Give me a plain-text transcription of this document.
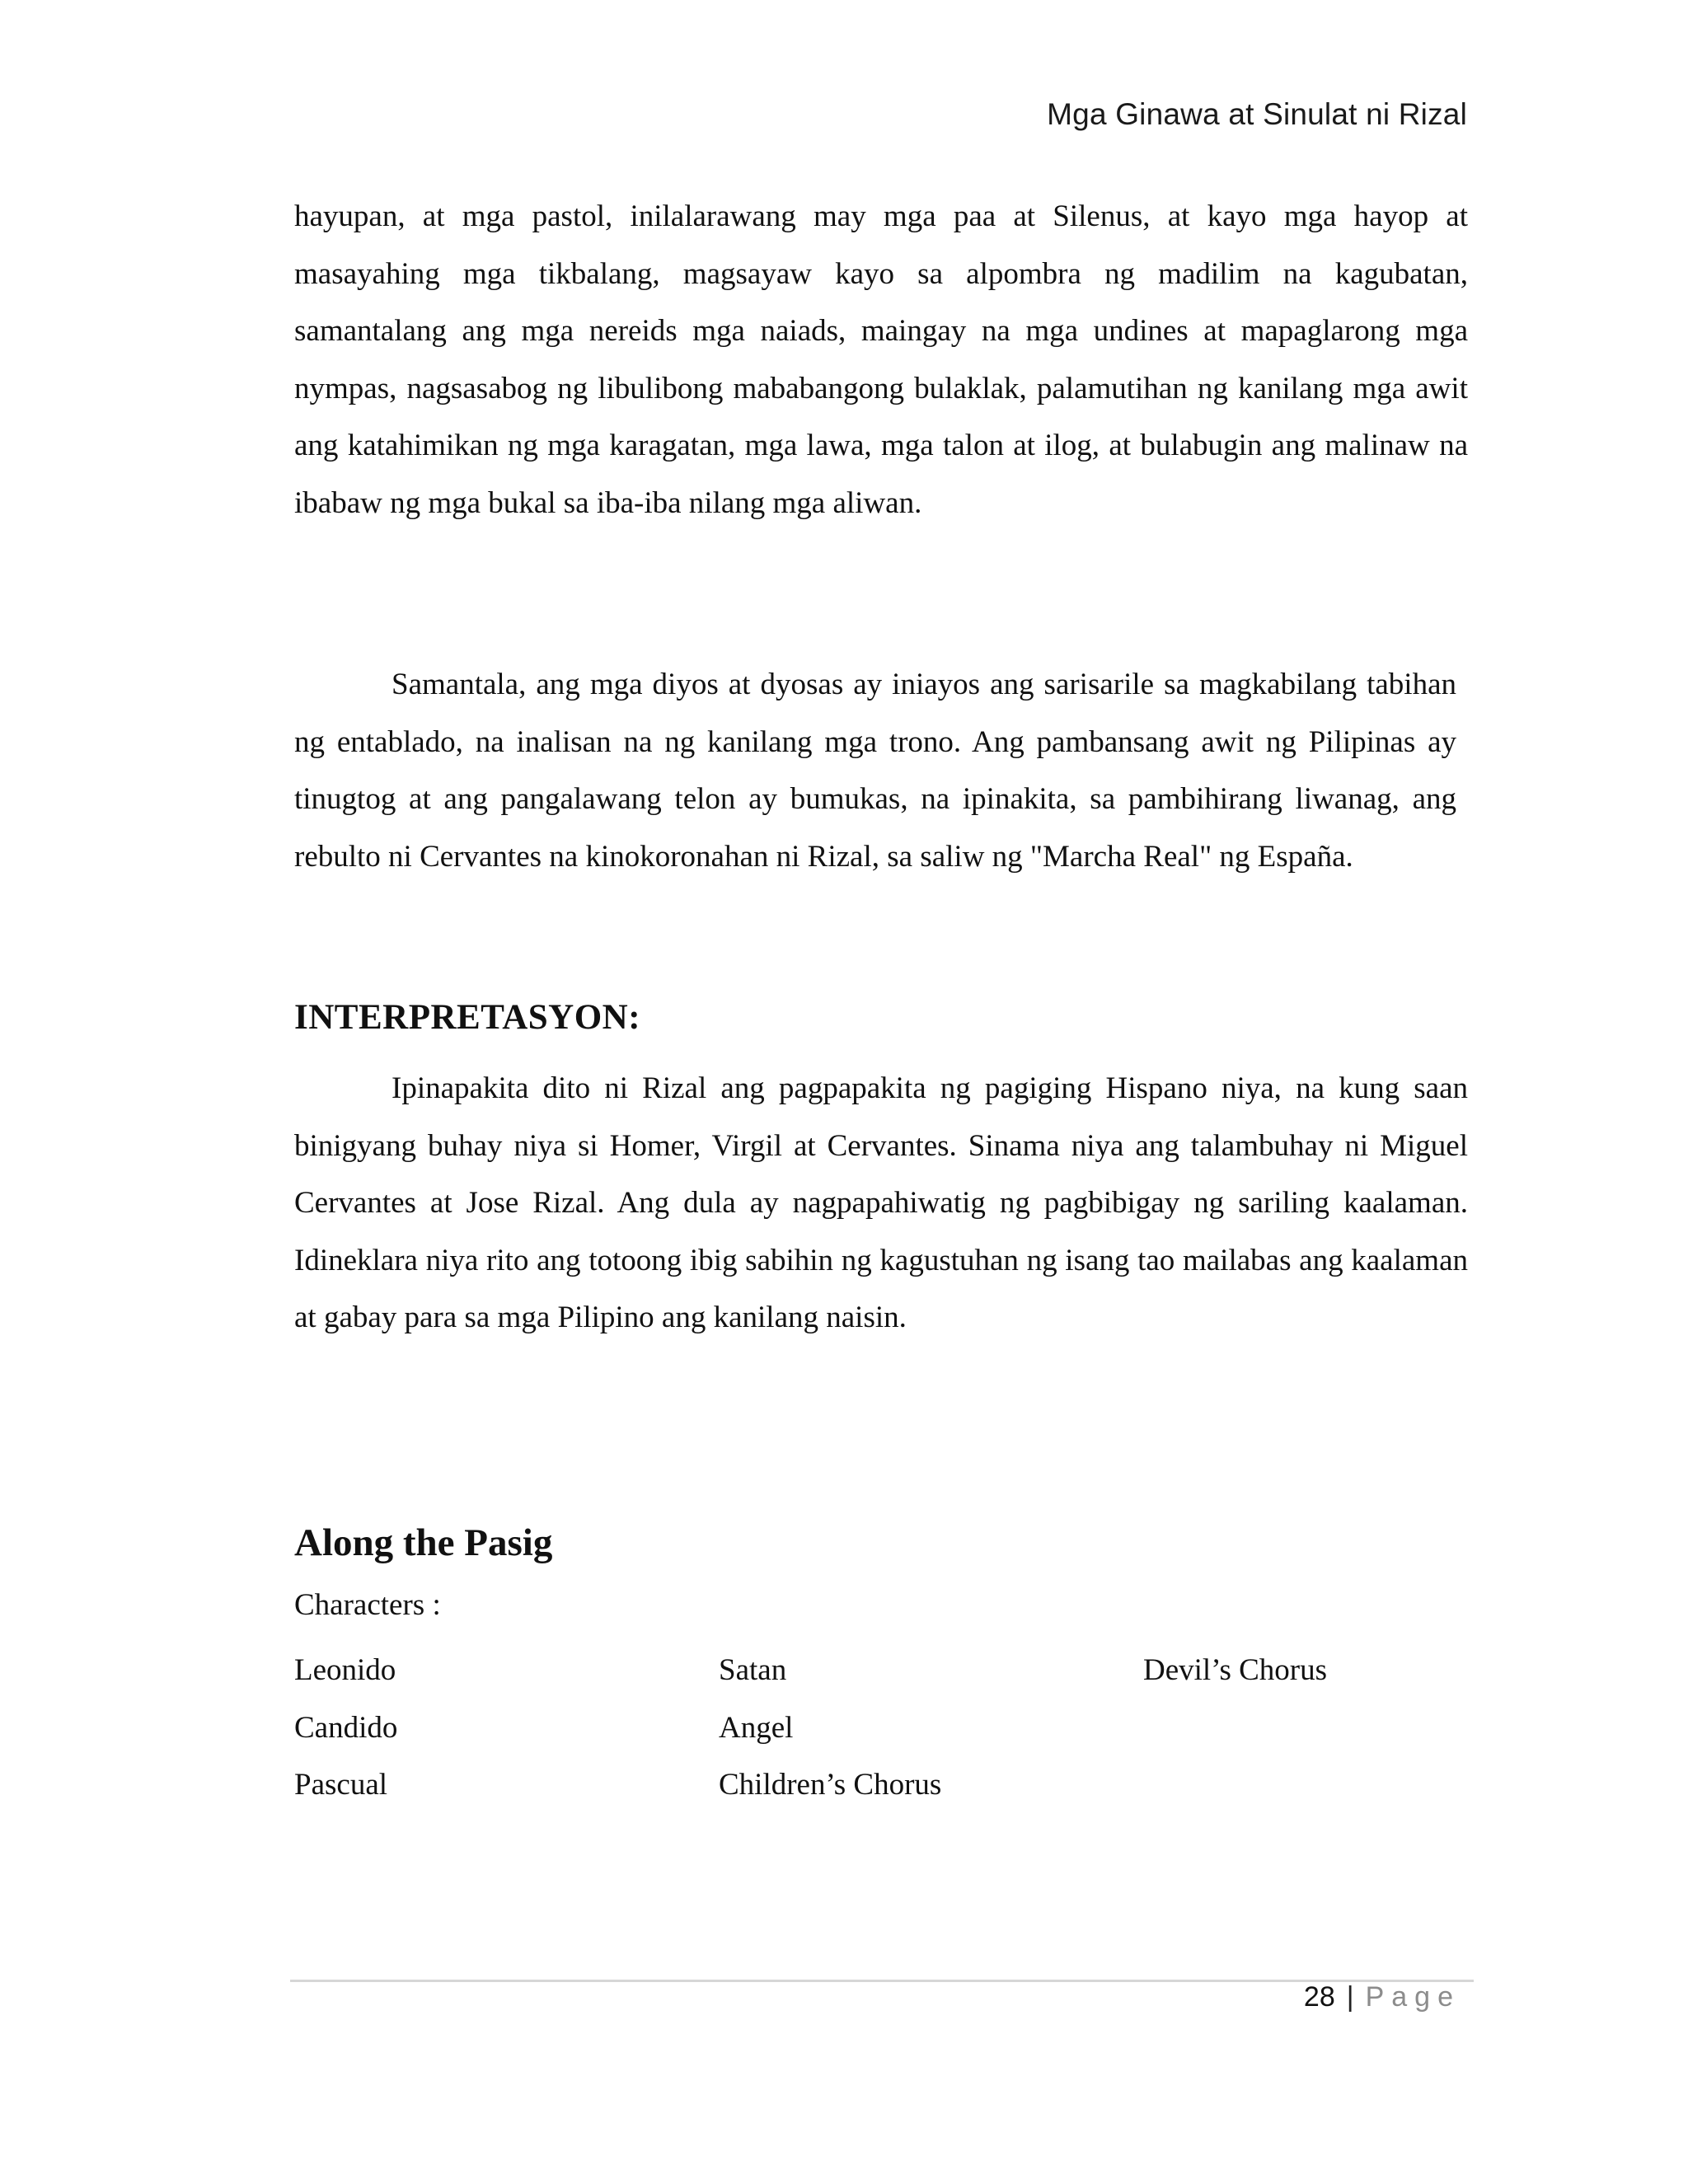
Mga Ginawa at Sinulat ni Rizal

hayupan, at mga pastol, inilalarawang may mga paa at Silenus, at kayo mga hayop at masayahing mga tikbalang, magsayaw kayo sa alpombra ng madilim na kagubatan, samantalang ang mga nereids mga naiads, maingay na mga undines at mapaglarong mga nympas, nagsasabog ng libulibong mababangong bulaklak, palamutihan ng kanilang mga awit ang katahimikan ng mga karagatan, mga lawa, mga talon at ilog, at bulabugin ang malinaw na ibabaw ng mga bukal sa iba-iba nilang mga aliwan.

Samantala, ang mga diyos at dyosas ay iniayos ang sarisarile sa magkabilang tabihan ng entablado, na inalisan na ng kanilang mga trono. Ang pambansang awit ng Pilipinas ay tinugtog at ang pangalawang telon ay bumukas, na ipinakita, sa pambihirang liwanag, ang rebulto ni Cervantes na kinokoronahan ni Rizal, sa saliw ng "Marcha Real" ng España.

INTERPRETASYON:

Ipinapakita dito ni Rizal ang pagpapakita ng pagiging Hispano niya, na kung saan binigyang buhay niya si Homer, Virgil at Cervantes. Sinama niya ang talambuhay ni Miguel Cervantes at Jose Rizal. Ang dula ay nagpapahiwatig ng pagbibigay ng sariling kaalaman. Idineklara niya rito ang totoong ibig sabihin ng kagustuhan ng isang tao mailabas ang kaalaman at gabay para sa mga Pilipino ang kanilang naisin.

Along the Pasig

Characters :

Leonido	Satan	Devil’s Chorus
Candido	Angel
Pascual	Children’s Chorus
28 | Page
